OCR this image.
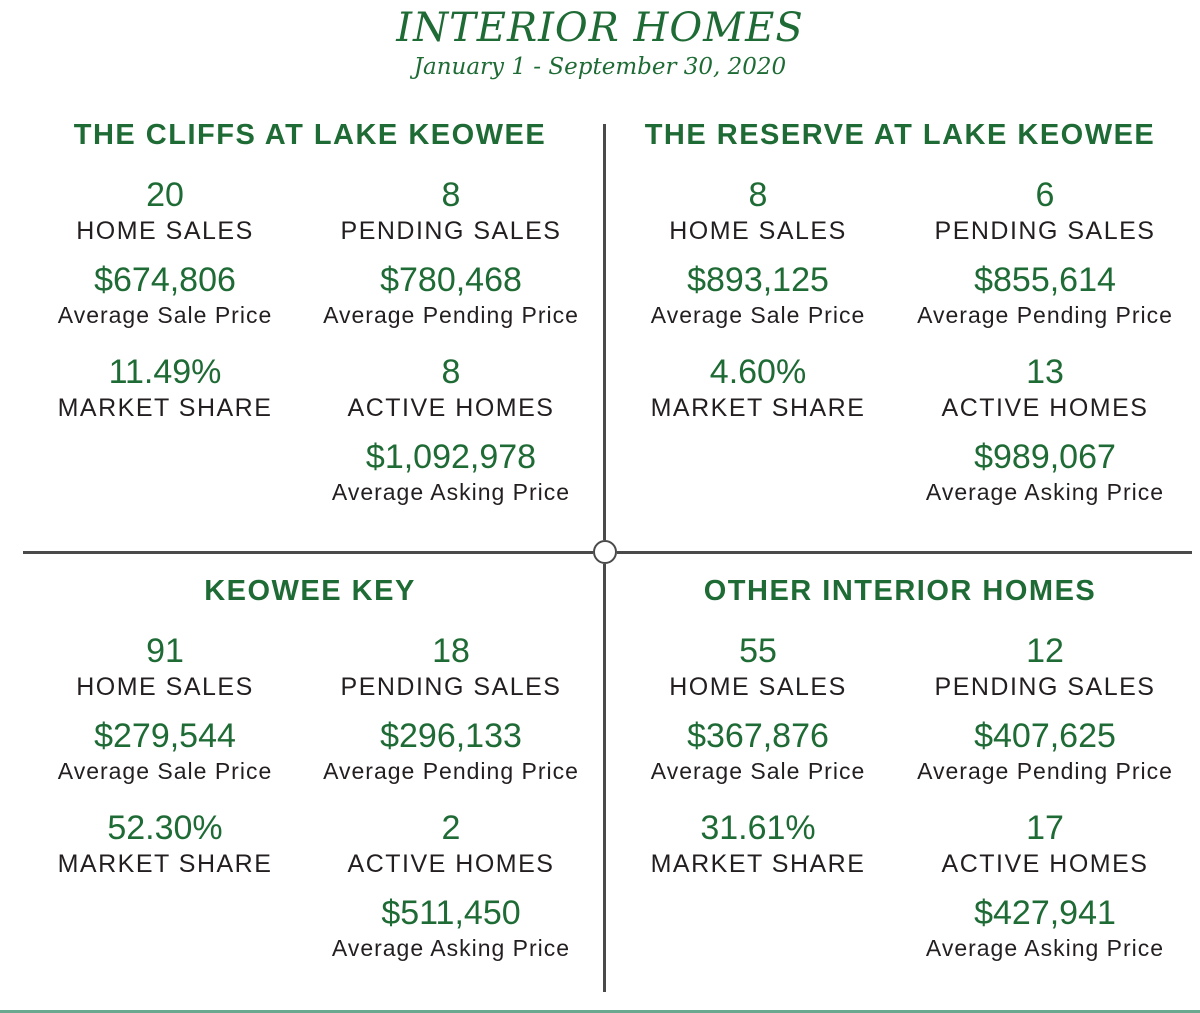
INTERIOR HOMES
January 1 - September 30, 2020
THE CLIFFS AT LAKE KEOWEE
20
HOME SALES
8
PENDING SALES
$674,806
Average Sale Price
$780,468
Average Pending Price
11.49%
MARKET SHARE
8
ACTIVE HOMES
$1,092,978
Average Asking Price
THE RESERVE AT LAKE KEOWEE
8
HOME SALES
6
PENDING SALES
$893,125
Average Sale Price
$855,614
Average Pending Price
4.60%
MARKET SHARE
13
ACTIVE HOMES
$989,067
Average Asking Price
KEOWEE KEY
91
HOME SALES
18
PENDING SALES
$279,544
Average Sale Price
$296,133
Average Pending Price
52.30%
MARKET SHARE
2
ACTIVE HOMES
$511,450
Average Asking Price
OTHER INTERIOR HOMES
55
HOME SALES
12
PENDING SALES
$367,876
Average Sale Price
$407,625
Average Pending Price
31.61%
MARKET SHARE
17
ACTIVE HOMES
$427,941
Average Asking Price
